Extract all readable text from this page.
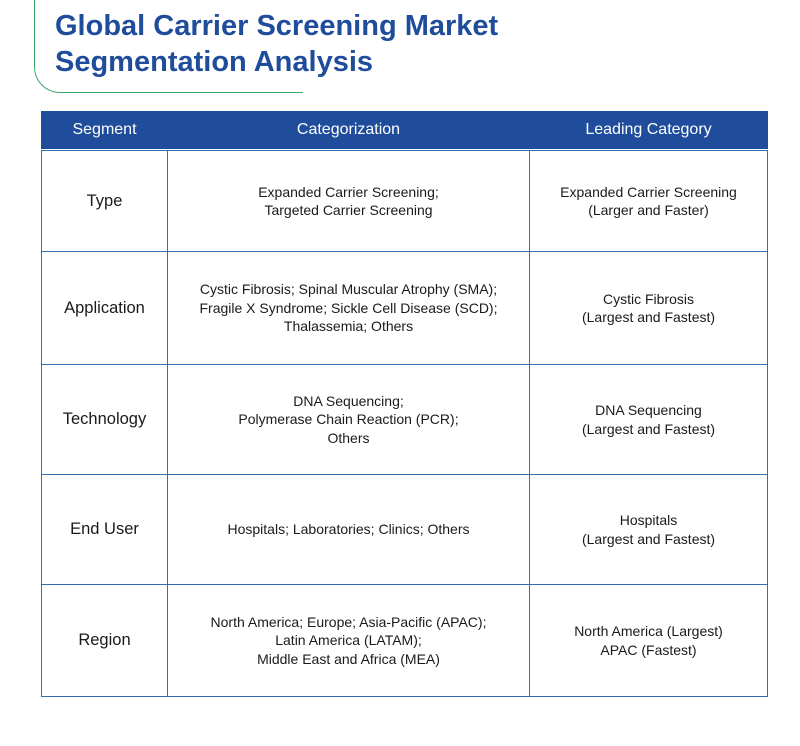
Global Carrier Screening Market
Segmentation Analysis
Segment	Categorization	Leading Category

Type	Expanded Carrier Screening;
Targeted Carrier Screening	Expanded Carrier Screening
(Larger and Faster)

Application	Cystic Fibrosis; Spinal Muscular Atrophy (SMA);
Fragile X Syndrome; Sickle Cell Disease (SCD);
Thalassemia; Others	Cystic Fibrosis
(Largest and Fastest)

Technology	DNA Sequencing;
Polymerase Chain Reaction (PCR);
Others	DNA Sequencing
(Largest and Fastest)

End User	Hospitals; Laboratories; Clinics; Others	Hospitals
(Largest and Fastest)

Region	North America; Europe; Asia-Pacific (APAC);
Latin America (LATAM);
Middle East and Africa (MEA)	North America (Largest)
APAC (Fastest)
